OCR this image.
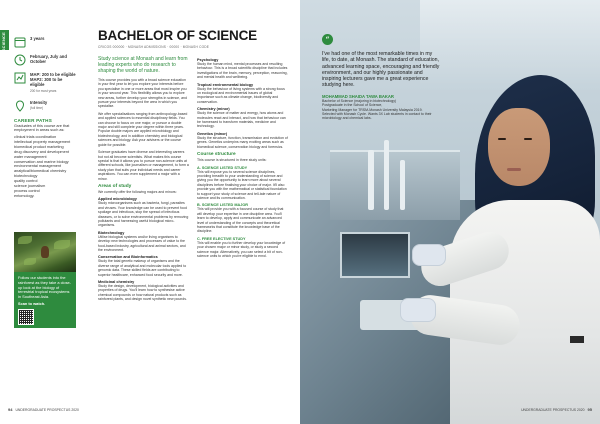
SCIENCE	3 years
February, July and October
MAP: 200 to be eligible
MAP2: 300 to be eligible
200 for most years
Intensity
(full time)
CAREER PATHS
Graduates of this course are that employment in areas such as:
clinical trials coordination
intellectual property management
biomedical product marketing
drug discovery and development
water management
conservation and marine biology
environmental management
analytical/biomedical chemistry
biotechnology
quality control
science journalism
process control
entomology.

Follow our students into the rainforest as they take a close-up look at the biology of terrestrial tropical ecosystems in Southeast Asia.

Scan to watch.

BACHELOR OF SCIENCE
CRICOS 000000 · MONASH ADMISSIONS · 00000 · MONASH CODE
Study science at Monash and learn from leading experts who do research to shaping the world of nature.
This course provides you with a broad science education in your first year to let you explore your interests before you specialise in one or more areas that most inspire you in your second year. This flexibility allows you to explore new areas, further develop your strengths in science, and pursue your interests beyond the area in which you specialise.
We offer specialisations ranging from anthropology-based and applied sciences to essential disciplinary fields. You can choose to focus on one major, or pursue a double major and still complete your degree within three years. Popular double majors are applied microbiology and biotechnology, and in addition chemistry and biological sciences and biology. Ask your advisers or the course guide for possible.
Science graduates have diverse and interesting careers but not all become scientists. What makes this course special is that it allows you to pursue non-science units at different schools, like journalism or management, to form a study plan that suits your individual needs and career aspirations. You can even supplement a major with a minor.
Areas of study
We currently offer the following majors and minors:
Applied microbiology
Study microorganisms such as bacteria, fungi, parasites and viruses. Your knowledge can be used to prevent food spoilage and infectious, stop the spread of infectious diseases, or to solve environmental problems by removing pollutants and harnessing useful biological micro-organisms.
Biotechnology
Utilise biological systems and/or living organisms to develop new technologies and processes of value to the food-based industry, agricultural and animal sectors, and the environment.
Conservation and Bioinformatics
Study the total genetic makeup of organisms and the diverse range of analytical and molecular tools applied to genomic data. These skilled fields are contributing to superior healthcare, enhanced food security and more.
Medicinal chemistry
Study the design, development, biological activities and properties of drugs. You'll learn how to synthesise active chemical compounds or how natural products such as rainforest plants, and design novel synthetic new pounds.
Psychology
Study the human mind, mental processes and resulting behaviour. This is a broad scientific discipline that includes investigations of the brain, memory, perception, reasoning, and mental health and wellbeing.
Tropical environmental biology
Study the behaviour of living systems with a strong focus on ecological and environmental issues of global importance such as climate change, biodiversity and conservation.
Chemistry (minor)
Study the science of matter and energy, how atoms and molecules react and interact, and how that behaviour can be harnessed to transform materials, medicine and technology.
Genetics (minor)
Study the structure, function, transmission and evolution of genes. Genetics underpins many exciting areas such as biomedical science, conservation biology and forensics.
Course structure
This course is structured in three study units:
A. SCIENCE LISTED STUDY
This will expose you to several science disciplines, providing breadth to your understanding of science and giving you the opportunity to learn more about several disciplines before finalising your choice of major. It'll also provide you with the mathematical or statistical foundation to support your study of science and tell-tale nature of science and its communication.
B. SCIENCE LISTED MAJOR
This will provide you with a focused course of study that will develop your expertise in one discipline area. You'll learn to develop, apply and communicate an advanced level of understanding of the concepts and theoretical frameworks that constitute the knowledge base of the discipline.
C. FREE ELECTIVE STUDY
This will enable you to further develop your knowledge of your chosen major or minor study, or study a second science major. Alternatively, you can select a bit of non-science units to which you're eligible to enrol.
94 UNDERGRADUATE PROSPECTUS 2020
“
I've had one of the most remarkable times in my life, to date, at Monash. The standard of education, advanced learning space, encouraging and friendly environment, and our highly passionate and inspiring lecturers gave me a great experience studying here.
MOHAMMAD SHAIDA TAWA BAKAR
Bachelor of Science (majoring in biotechnology)
Postgraduate in the School of Science,
Marketing Manager for TRSM-Monash University Malaysia 2019.
Selected with Monash Cycle. Wants 3X Lab students in contact to their microbiology and chemical labs.
UNDERGRADUATE PROSPECTUS 2020 95
